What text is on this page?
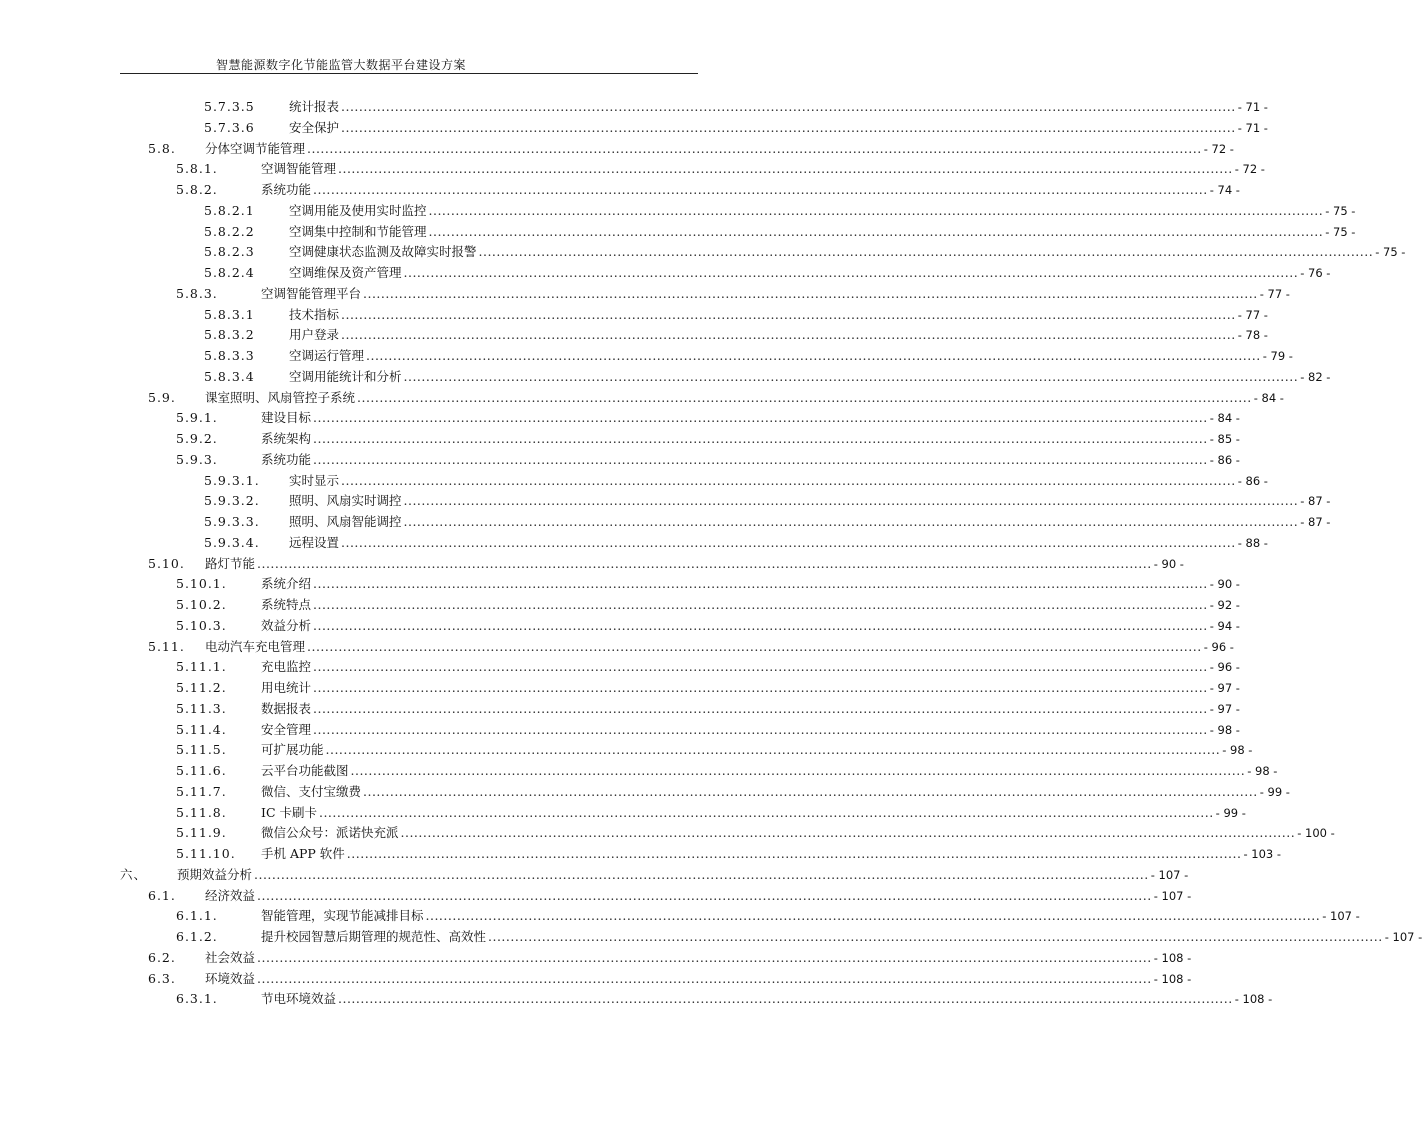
智慧能源数字化节能监管大数据平台建设方案
5.7.3.5	统计报表 ........................................................................................................................................................................................................ - 71 -
5.7.3.6	安全保护 ........................................................................................................................................................................................................ - 71 -
5.8. 分体空调节能管理 ........................................................................................................................................................................................................ - 72 -
5.8.1.	空调智能管理 ........................................................................................................................................................................................................ - 72 -
5.8.2.	系统功能 ........................................................................................................................................................................................................ - 74 -
5.8.2.1	空调用能及使用实时监控 ........................................................................................................................................................................................................ - 75 -
5.8.2.2	空调集中控制和节能管理 ........................................................................................................................................................................................................ - 75 -
5.8.2.3	空调健康状态监测及故障实时报警 ........................................................................................................................................................................................................ - 75 -
5.8.2.4	空调维保及资产管理 ........................................................................................................................................................................................................ - 76 -
5.8.3.	空调智能管理平台 ........................................................................................................................................................................................................ - 77 -
5.8.3.1	技术指标 ........................................................................................................................................................................................................ - 77 -
5.8.3.2	用户登录 ........................................................................................................................................................................................................ - 78 -
5.8.3.3	空调运行管理 ........................................................................................................................................................................................................ - 79 -
5.8.3.4	空调用能统计和分析 ........................................................................................................................................................................................................ - 82 -
5.9. 课室照明、风扇管控子系统 ........................................................................................................................................................................................................ - 84 -
5.9.1.	建设目标 ........................................................................................................................................................................................................ - 84 -
5.9.2.	系统架构 ........................................................................................................................................................................................................ - 85 -
5.9.3.	系统功能 ........................................................................................................................................................................................................ - 86 -
5.9.3.1. 实时显示 ........................................................................................................................................................................................................ - 86 -
5.9.3.2. 照明、风扇实时调控 ........................................................................................................................................................................................................ - 87 -
5.9.3.3. 照明、风扇智能调控 ........................................................................................................................................................................................................ - 87 -
5.9.3.4. 远程设置 ........................................................................................................................................................................................................ - 88 -
5.10. 路灯节能 ........................................................................................................................................................................................................ - 90 -
5.10.1.	系统介绍 ........................................................................................................................................................................................................ - 90 -
5.10.2.	系统特点 ........................................................................................................................................................................................................ - 92 -
5.10.3.	效益分析 ........................................................................................................................................................................................................ - 94 -
5.11. 电动汽车充电管理 ........................................................................................................................................................................................................ - 96 -
5.11.1.	充电监控 ........................................................................................................................................................................................................ - 96 -
5.11.2.	用电统计 ........................................................................................................................................................................................................ - 97 -
5.11.3.	数据报表 ........................................................................................................................................................................................................ - 97 -
5.11.4.	安全管理 ........................................................................................................................................................................................................ - 98 -
5.11.5.	可扩展功能 ........................................................................................................................................................................................................ - 98 -
5.11.6.	云平台功能截图 ........................................................................................................................................................................................................ - 98 -
5.11.7.	微信、支付宝缴费 ........................................................................................................................................................................................................ - 99 -
5.11.8.	IC 卡刷卡 ........................................................................................................................................................................................................ - 99 -
5.11.9.	微信公众号：派诺快充派 ........................................................................................................................................................................................................ - 100 -
5.11.10. 手机 APP 软件 ........................................................................................................................................................................................................ - 103 -
六、 预期效益分析 ........................................................................................................................................................................................................ - 107 -
6.1. 经济效益 ........................................................................................................................................................................................................ - 107 -
6.1.1.	智能管理，实现节能减排目标 ........................................................................................................................................................................................................ - 107 -
6.1.2.	提升校园智慧后期管理的规范性、高效性 ........................................................................................................................................................................................................ - 107 -
6.2. 社会效益 ........................................................................................................................................................................................................ - 108 -
6.3. 环境效益 ........................................................................................................................................................................................................ - 108 -
6.3.1.	节电环境效益 ........................................................................................................................................................................................................ - 108 -
